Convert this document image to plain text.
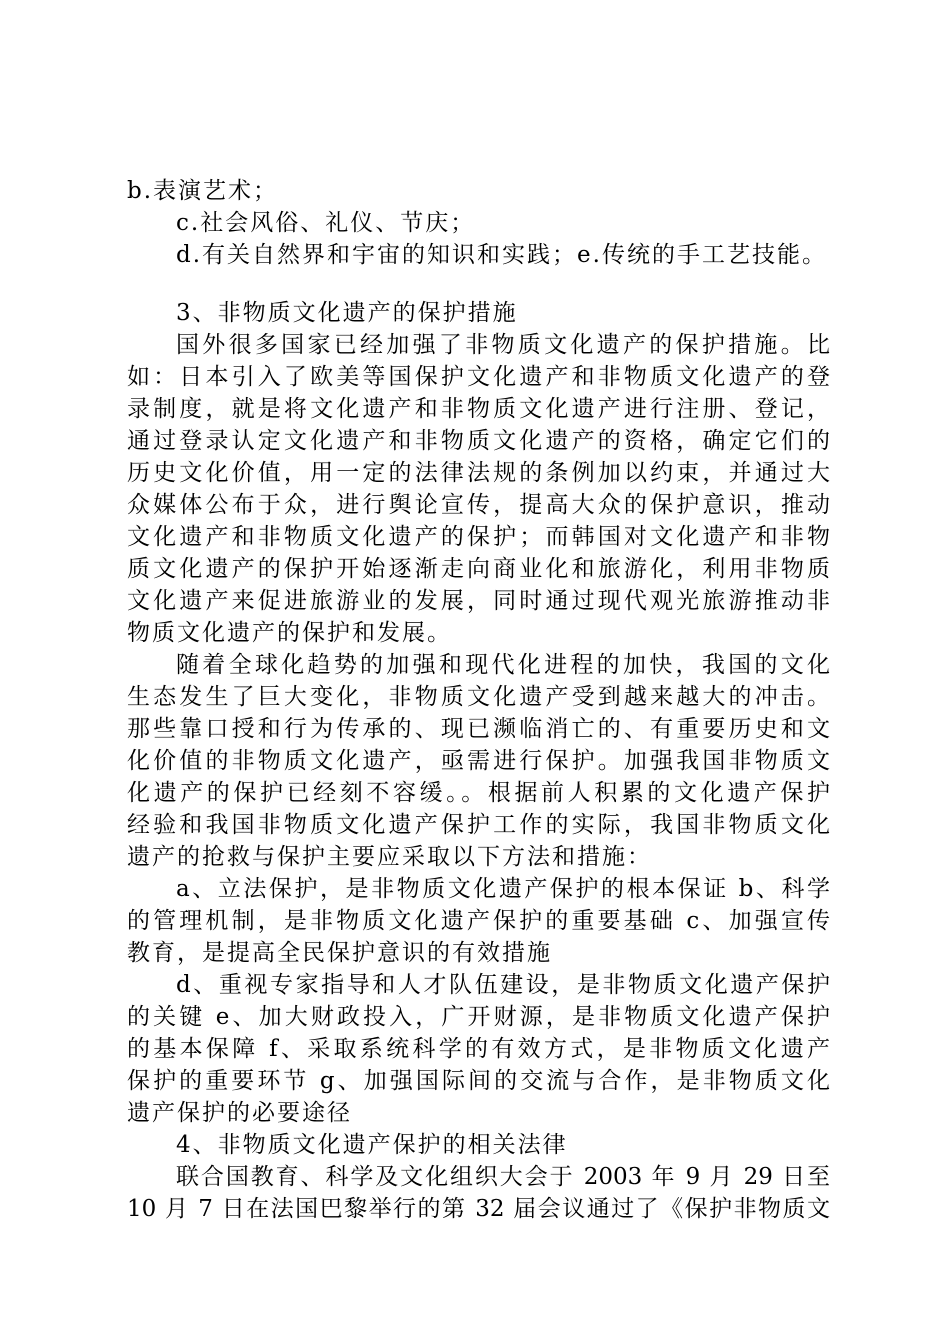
b.表演艺术；
c.社会风俗、礼仪、节庆；
d.有关自然界和宇宙的知识和实践；e.传统的手工艺技能。
3、非物质文化遗产的保护措施
国外很多国家已经加强了非物质文化遗产的保护措施。比
如：日本引入了欧美等国保护文化遗产和非物质文化遗产的登
录制度，就是将文化遗产和非物质文化遗产进行注册、登记，
通过登录认定文化遗产和非物质文化遗产的资格，确定它们的
历史文化价值，用一定的法律法规的条例加以约束，并通过大
众媒体公布于众，进行舆论宣传，提高大众的保护意识，推动
文化遗产和非物质文化遗产的保护；而韩国对文化遗产和非物
质文化遗产的保护开始逐渐走向商业化和旅游化，利用非物质
文化遗产来促进旅游业的发展，同时通过现代观光旅游推动非
物质文化遗产的保护和发展。
随着全球化趋势的加强和现代化进程的加快，我国的文化
生态发生了巨大变化，非物质文化遗产受到越来越大的冲击。
那些靠口授和行为传承的、现已濒临消亡的、有重要历史和文
化价值的非物质文化遗产，亟需进行保护。加强我国非物质文
化遗产的保护已经刻不容缓。。根据前人积累的文化遗产保护
经验和我国非物质文化遗产保护工作的实际，我国非物质文化
遗产的抢救与保护主要应采取以下方法和措施：
a、立法保护，是非物质文化遗产保护的根本保证 b、科学
的管理机制，是非物质文化遗产保护的重要基础 c、加强宣传
教育，是提高全民保护意识的有效措施
d、重视专家指导和人才队伍建设，是非物质文化遗产保护
的关键 e、加大财政投入，广开财源，是非物质文化遗产保护
的基本保障 f、采取系统科学的有效方式，是非物质文化遗产
保护的重要环节 g、加强国际间的交流与合作，是非物质文化
遗产保护的必要途径
4、非物质文化遗产保护的相关法律
联合国教育、科学及文化组织大会于 2003 年 9 月 29 日至
10 月 7 日在法国巴黎举行的第 32 届会议通过了《保护非物质文
